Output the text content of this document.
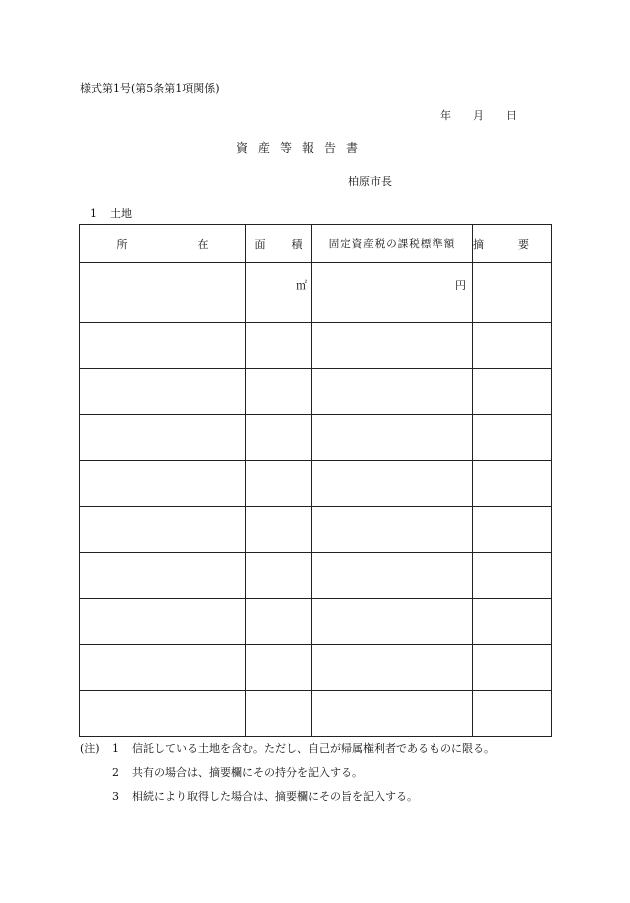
様式第1号(第5条第1項関係)
年 月 日
資産等報告書
柏原市長
1 土地
所 在	面 積	固定資産税の課税標準額	摘 要
	㎡	円	

(注)	1	信託している土地を含む。ただし、自己が帰属権利者であるものに限る。
2	共有の場合は、摘要欄にその持分を記入する。
3	相続により取得した場合は、摘要欄にその旨を記入する。
